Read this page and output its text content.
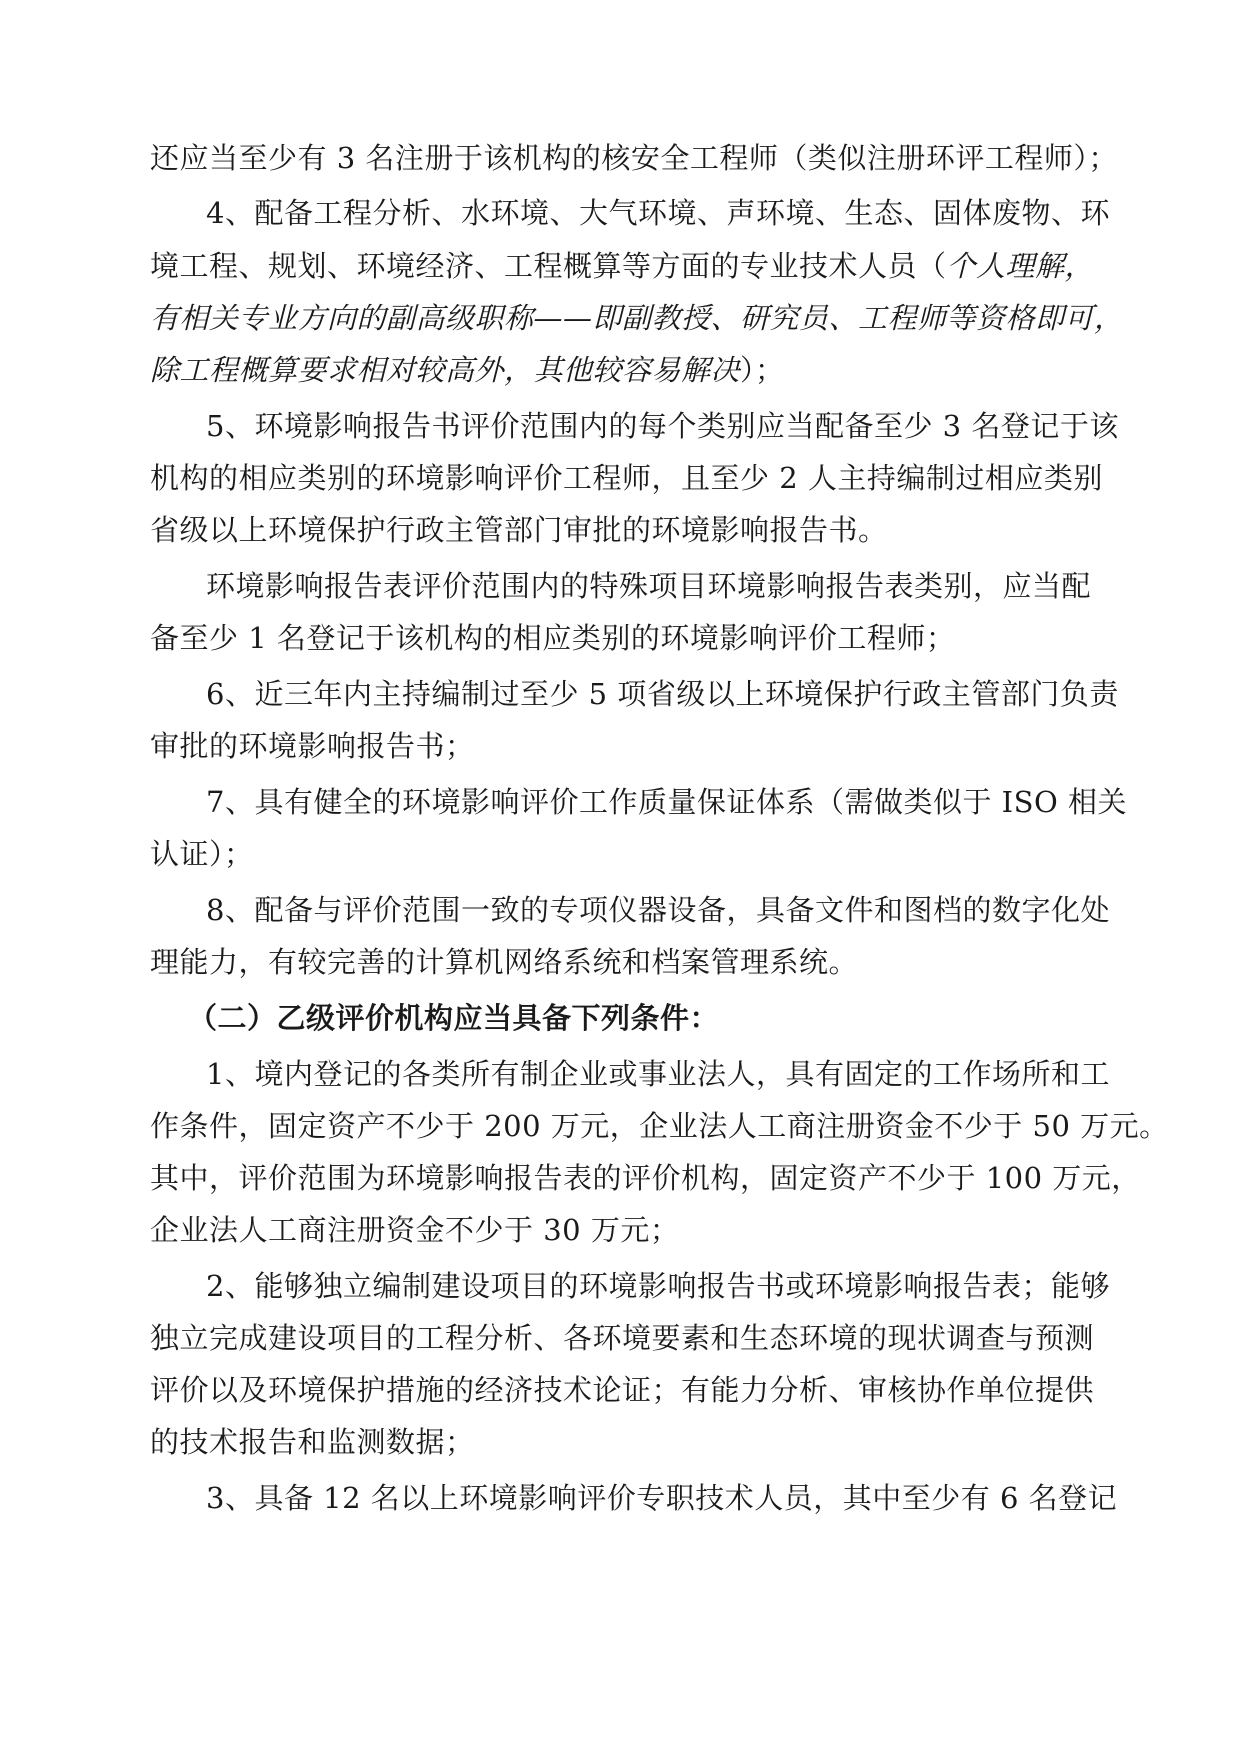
还应当至少有 3 名注册于该机构的核安全工程师（类似注册环评工程师）；
4、配备工程分析、水环境、大气环境、声环境、生态、固体废物、环
境工程、规划、环境经济、工程概算等方面的专业技术人员（个人理解，
有相关专业方向的副高级职称——即副教授、研究员、工程师等资格即可，
除工程概算要求相对较高外，其他较容易解决）；
5、环境影响报告书评价范围内的每个类别应当配备至少 3 名登记于该
机构的相应类别的环境影响评价工程师，且至少 2 人主持编制过相应类别
省级以上环境保护行政主管部门审批的环境影响报告书。
环境影响报告表评价范围内的特殊项目环境影响报告表类别，应当配
备至少 1 名登记于该机构的相应类别的环境影响评价工程师；
6、近三年内主持编制过至少 5 项省级以上环境保护行政主管部门负责
审批的环境影响报告书；
7、具有健全的环境影响评价工作质量保证体系（需做类似于 ISO 相关
认证）；
8、配备与评价范围一致的专项仪器设备，具备文件和图档的数字化处
理能力，有较完善的计算机网络系统和档案管理系统。
（二）乙级评价机构应当具备下列条件：
1、境内登记的各类所有制企业或事业法人，具有固定的工作场所和工
作条件，固定资产不少于 200 万元，企业法人工商注册资金不少于 50 万元。
其中，评价范围为环境影响报告表的评价机构，固定资产不少于 100 万元，
企业法人工商注册资金不少于 30 万元；
2、能够独立编制建设项目的环境影响报告书或环境影响报告表；能够
独立完成建设项目的工程分析、各环境要素和生态环境的现状调查与预测
评价以及环境保护措施的经济技术论证；有能力分析、审核协作单位提供
的技术报告和监测数据；
3、具备 12 名以上环境影响评价专职技术人员，其中至少有 6 名登记
